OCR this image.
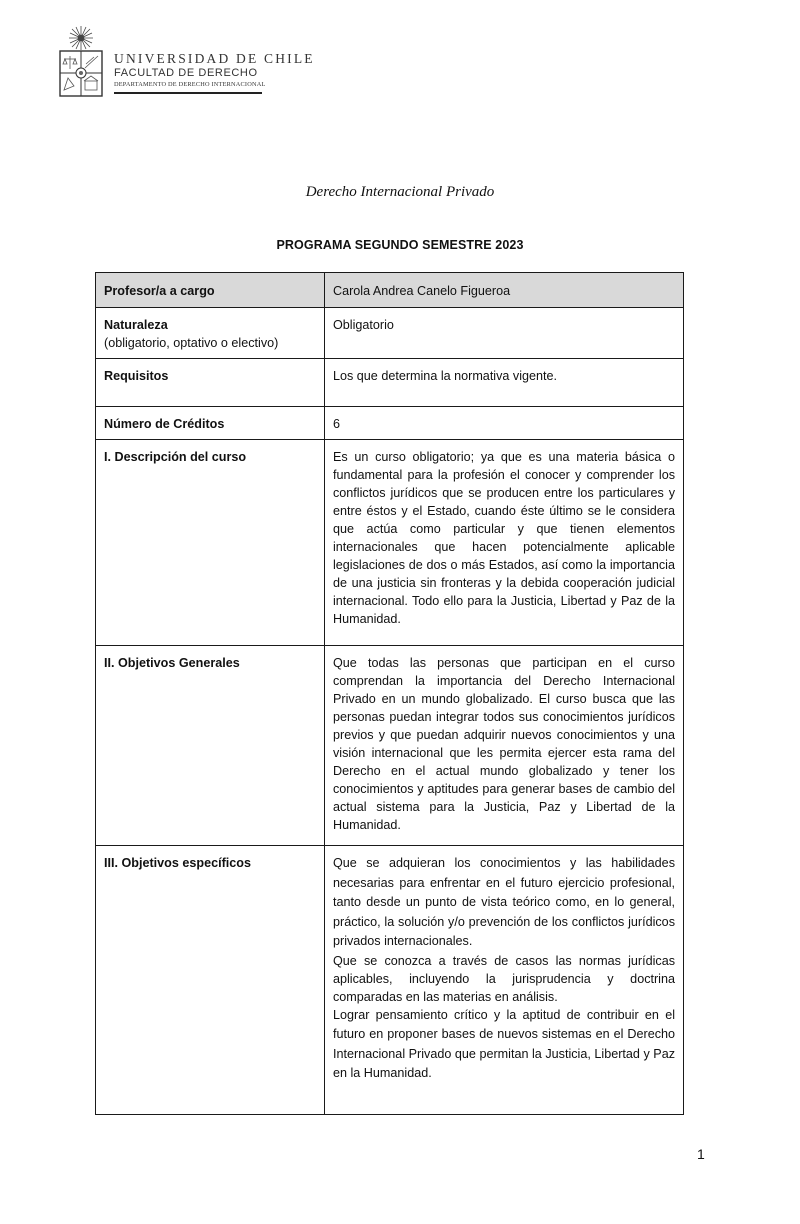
UNIVERSIDAD DE CHILE
FACULTAD DE DERECHO
DEPARTAMENTO DE DERECHO INTERNACIONAL
Derecho Internacional Privado
PROGRAMA SEGUNDO SEMESTRE 2023
Profesor/a a cargo	Carola Andrea Canelo Figueroa
Naturaleza
(obligatorio, optativo o electivo)	Obligatorio
Requisitos	Los que determina la normativa vigente.
Número de Créditos	6
I. Descripción del curso	Es un curso obligatorio; ya que es una materia básica o fundamental para la profesión el conocer y comprender los conflictos jurídicos que se producen entre los particulares y entre éstos y el Estado, cuando éste último se le considera que actúa como particular y que tienen elementos internacionales que hacen potencialmente aplicable legislaciones de dos o más Estados, así como la importancia de una justicia sin fronteras y la debida cooperación judicial internacional. Todo ello para la Justicia, Libertad y Paz de la Humanidad.
II. Objetivos Generales	Que todas las personas que participan en el curso comprendan la importancia del Derecho Internacional Privado en un mundo globalizado. El curso busca que las personas puedan integrar todos sus conocimientos jurídicos previos y que puedan adquirir nuevos conocimientos y una visión internacional que les permita ejercer esta rama del Derecho en el actual mundo globalizado y tener los conocimientos y aptitudes para generar bases de cambio del actual sistema para la Justicia, Paz y Libertad de la Humanidad.
III. Objetivos específicos	Que se adquieran los conocimientos y las habilidades necesarias para enfrentar en el futuro ejercicio profesional, tanto desde un punto de vista teórico como, en lo general, práctico, la solución y/o prevención de los conflictos jurídicos privados internacionales.

Que se conozca a través de casos las normas jurídicas aplicables, incluyendo la jurisprudencia y doctrina comparadas en las materias en análisis.

Lograr pensamiento crítico y la aptitud de contribuir en el futuro en proponer bases de nuevos sistemas en el Derecho Internacional Privado que permitan la Justicia, Libertad y Paz en la Humanidad.

1
